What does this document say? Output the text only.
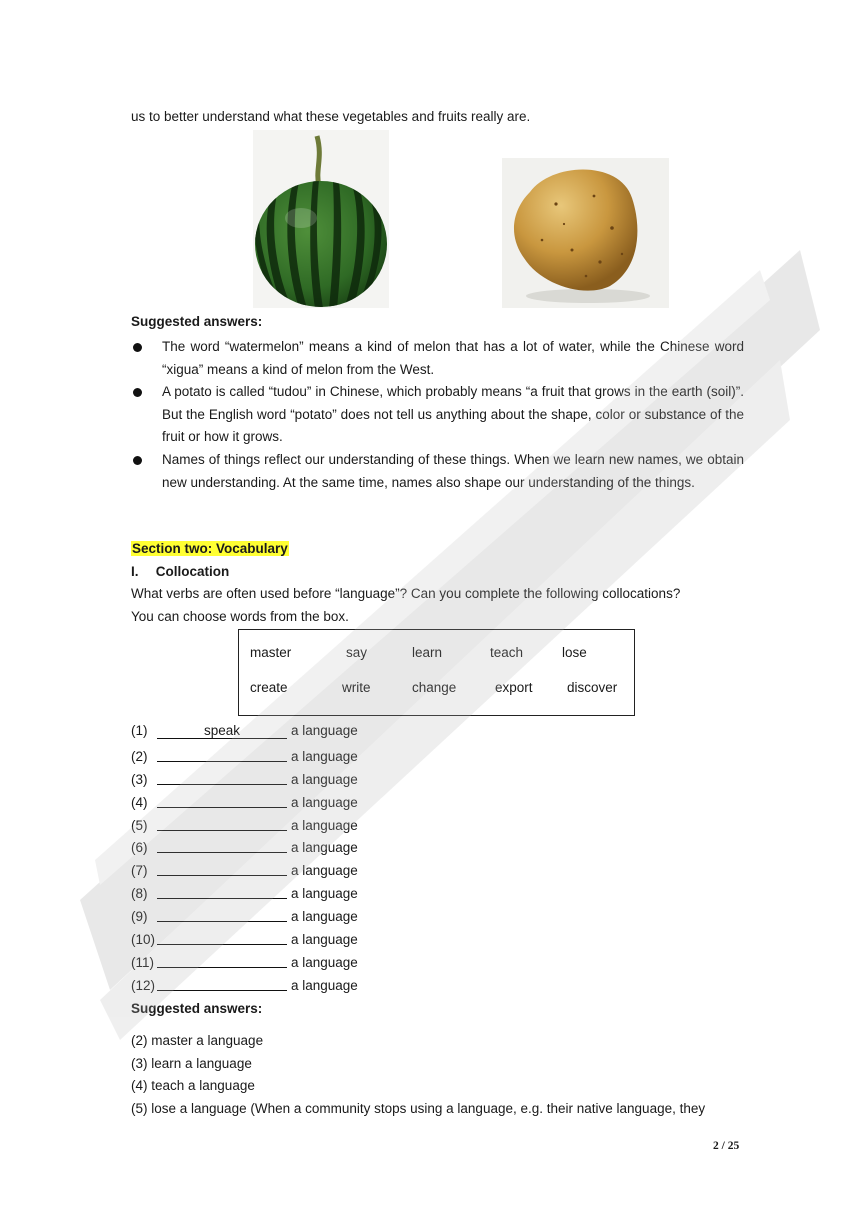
us to better understand what these vegetables and fruits really are.
Suggested answers:
The word “watermelon” means a kind of melon that has a lot of water, while the Chinese word “xigua” means a kind of melon from the West.
A potato is called “tudou” in Chinese, which probably means “a fruit that grows in the earth (soil)”. But the English word “potato” does not tell us anything about the shape, color or substance of the fruit or how it grows.
Names of things reflect our understanding of these things. When we learn new names, we obtain new understanding. At the same time, names also shape our understanding of the things.
Section two: Vocabulary
I. Collocation
What verbs are often used before “language”? Can you complete the following collocations?
You can choose words from the box.
master	say	learn	teach	lose
create	write	change	export	discover
(1)	speak	a language
(2)	a language
(3)	a language
(4)	a language
(5)	a language
(6)	a language
(7)	a language
(8)	a language
(9)	a language
(10)	a language
(11)	a language
(12)	a language
Suggested answers:
(2) master a language
(3) learn a language
(4) teach a language
(5) lose a language (When a community stops using a language, e.g. their native language, they
2 / 25
